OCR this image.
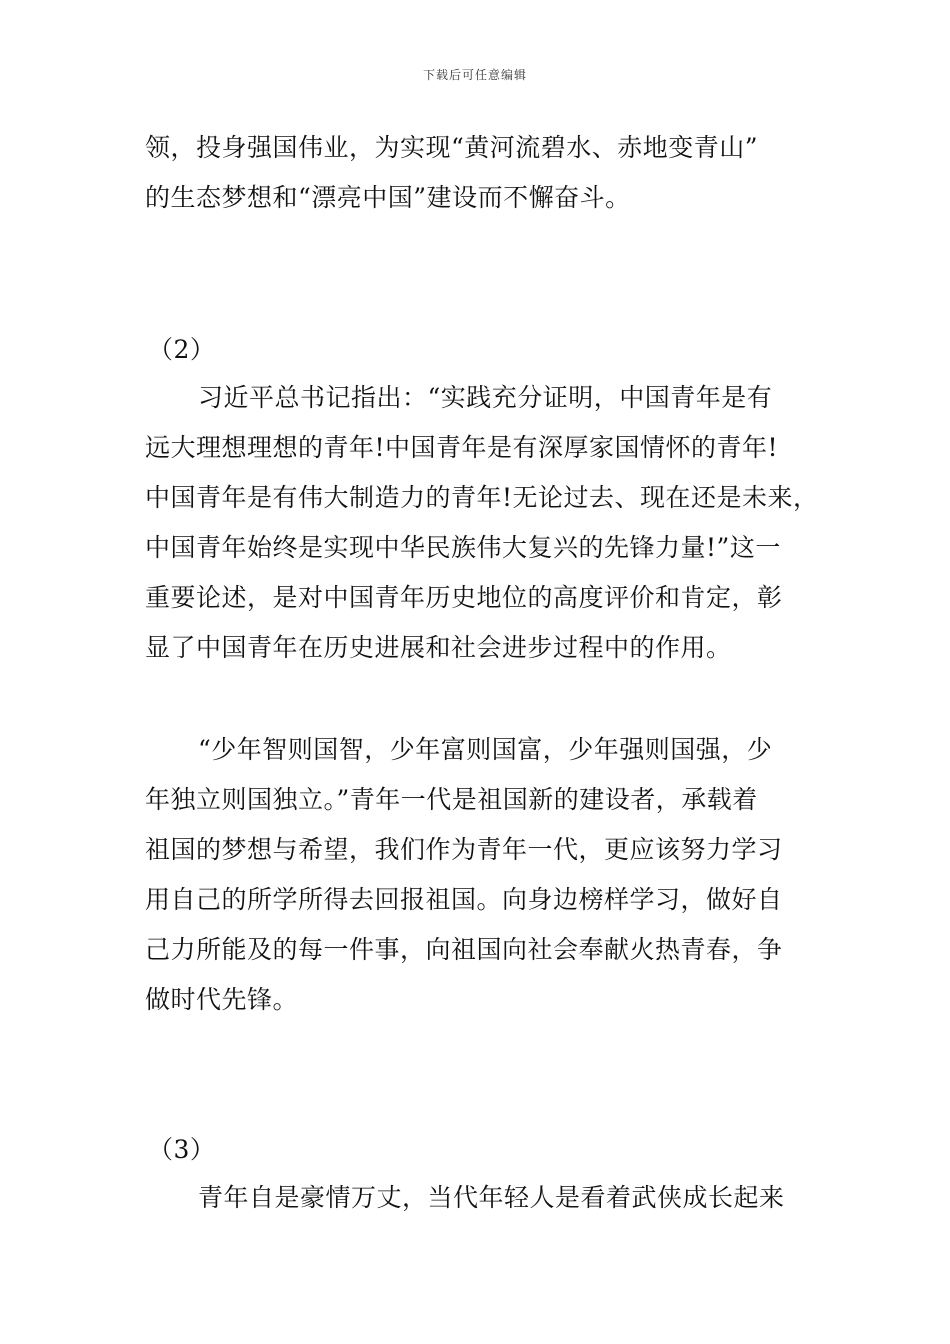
下载后可任意编辑
领，投身强国伟业，为实现“黄河流碧水、赤地变青山”
的生态梦想和“漂亮中国”建设而不懈奋斗。
（2）
习近平总书记指出：“实践充分证明，中国青年是有
远大理想理想的青年!中国青年是有深厚家国情怀的青年!
中国青年是有伟大制造力的青年!无论过去、现在还是未来，
中国青年始终是实现中华民族伟大复兴的先锋力量!”这一
重要论述，是对中国青年历史地位的高度评价和肯定，彰
显了中国青年在历史进展和社会进步过程中的作用。
“少年智则国智，少年富则国富，少年强则国强，少
年独立则国独立。”青年一代是祖国新的建设者，承载着
祖国的梦想与希望，我们作为青年一代，更应该努力学习
用自己的所学所得去回报祖国。向身边榜样学习，做好自
己力所能及的每一件事，向祖国向社会奉献火热青春，争
做时代先锋。
（3）
青年自是豪情万丈，当代年轻人是看着武侠成长起来
